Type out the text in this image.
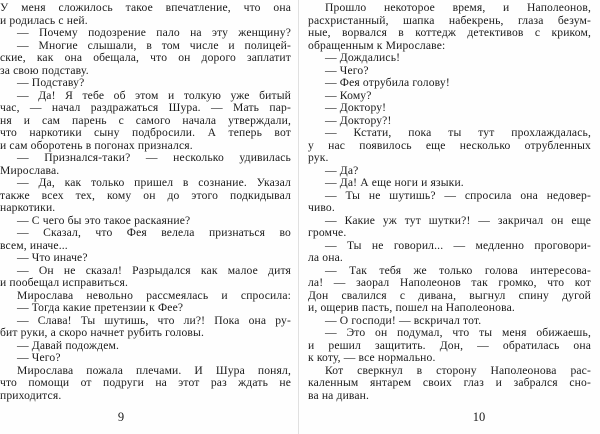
У меня сложилось такое впечатление, что она
и родилась с ней.
— Почему подозрение пало на эту женщину?
— Многие слышали, в том числе и полицей-
ские, как она обещала, что он дорого заплатит
за свою подставу.
— Подставу?
— Да! Я тебе об этом и толкую уже битый
час, — начал раздражаться Шура. — Мать пар-
ня и сам парень с самого начала утверждали,
что наркотики сыну подбросили. А теперь вот
и сам оборотень в погонах признался.
— Признался-таки? — несколько удивилась
Мирослава.
— Да, как только пришел в сознание. Указал
также всех тех, кому он до этого подкидывал
наркотики.
— С чего бы это такое раскаяние?
— Сказал, что Фея велела признаться во
всем, иначе...
— Что иначе?
— Он не сказал! Разрыдался как малое дитя
и пообещал исправиться.
Мирослава невольно рассмеялась и спросила:
— Тогда какие претензии к Фее?
— Слава! Ты шутишь, что ли?! Пока она ру-
бит руки, а скоро начнет рубить головы.
— Давай подождем.
— Чего?
Мирослава пожала плечами. И Шура понял,
что помощи от подруги на этот раз ждать не
приходится.
Прошло некоторое время, и Наполеонов,
расхристанный, шапка набекрень, глаза безум-
ные, ворвался в коттедж детективов с криком,
обращенным к Мирославе:
— Дождались!
— Чего?
— Фея отрубила голову!
— Кому?
— Доктору!
— Доктору?!
— Кстати, пока ты тут прохлаждалась,
у нас появилось еще несколько отрубленных
рук.
— Да?
— Да! А еще ноги и языки.
— Ты не шутишь? — спросила она недовер-
чиво.
— Какие уж тут шутки?! — закричал он еще
громче.
— Ты не говорил... — медленно проговори-
ла она.
— Так тебя же только голова интересова-
ла! — заорал Наполеонов так громко, что кот
Дон свалился с дивана, выгнул спину дугой
и, ощерив пасть, пошел на Наполеонова.
— О господи! — вскричал тот.
— Это он подумал, что ты меня обижаешь,
и решил защитить. Дон, — обратилась она
к коту, — все нормально.
Кот сверкнул в сторону Наполеонова рас-
каленным янтарем своих глаз и забрался сно-
ва на диван.
9	10
